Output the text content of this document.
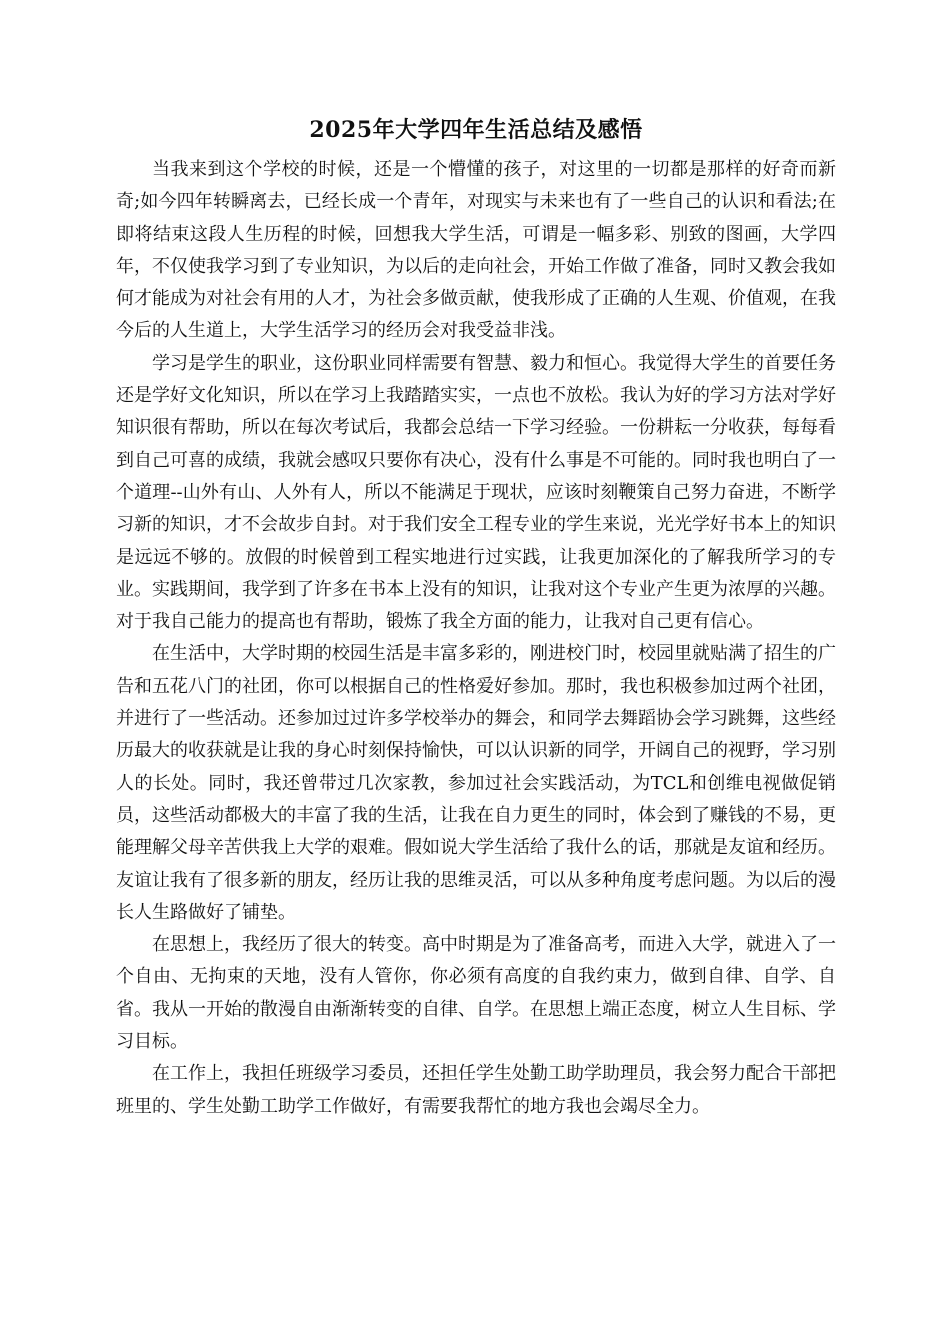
2025年大学四年生活总结及感悟

当我来到这个学校的时候，还是一个懵懂的孩子，对这里的一切都是那样的好奇而新奇;如今四年转瞬离去，已经长成一个青年，对现实与未来也有了一些自己的认识和看法;在即将结束这段人生历程的时候，回想我大学生活，可谓是一幅多彩、别致的图画，大学四年，不仅使我学习到了专业知识，为以后的走向社会，开始工作做了准备，同时又教会我如何才能成为对社会有用的人才，为社会多做贡献，使我形成了正确的人生观、价值观，在我今后的人生道上，大学生活学习的经历会对我受益非浅。

学习是学生的职业，这份职业同样需要有智慧、毅力和恒心。我觉得大学生的首要任务还是学好文化知识，所以在学习上我踏踏实实，一点也不放松。我认为好的学习方法对学好知识很有帮助，所以在每次考试后，我都会总结一下学习经验。一份耕耘一分收获，每每看到自己可喜的成绩，我就会感叹只要你有决心，没有什么事是不可能的。同时我也明白了一个道理--山外有山、人外有人，所以不能满足于现状，应该时刻鞭策自己努力奋进，不断学习新的知识，才不会故步自封。对于我们安全工程专业的学生来说，光光学好书本上的知识是远远不够的。放假的时候曾到工程实地进行过实践，让我更加深化的了解我所学习的专业。实践期间，我学到了许多在书本上没有的知识，让我对这个专业产生更为浓厚的兴趣。对于我自己能力的提高也有帮助，锻炼了我全方面的能力，让我对自己更有信心。

在生活中，大学时期的校园生活是丰富多彩的，刚进校门时，校园里就贴满了招生的广告和五花八门的社团，你可以根据自己的性格爱好参加。那时，我也积极参加过两个社团，并进行了一些活动。还参加过过许多学校举办的舞会，和同学去舞蹈协会学习跳舞，这些经历最大的收获就是让我的身心时刻保持愉快，可以认识新的同学，开阔自己的视野，学习别人的长处。同时，我还曾带过几次家教，参加过社会实践活动，为TCL和创维电视做促销员，这些活动都极大的丰富了我的生活，让我在自力更生的同时，体会到了赚钱的不易，更能理解父母辛苦供我上大学的艰难。假如说大学生活给了我什么的话，那就是友谊和经历。友谊让我有了很多新的朋友，经历让我的思维灵活，可以从多种角度考虑问题。为以后的漫长人生路做好了铺垫。

在思想上，我经历了很大的转变。高中时期是为了准备高考，而进入大学，就进入了一个自由、无拘束的天地，没有人管你，你必须有高度的自我约束力，做到自律、自学、自省。我从一开始的散漫自由渐渐转变的自律、自学。在思想上端正态度，树立人生目标、学习目标。

在工作上，我担任班级学习委员，还担任学生处勤工助学助理员，我会努力配合干部把班里的、学生处勤工助学工作做好，有需要我帮忙的地方我也会竭尽全力。
